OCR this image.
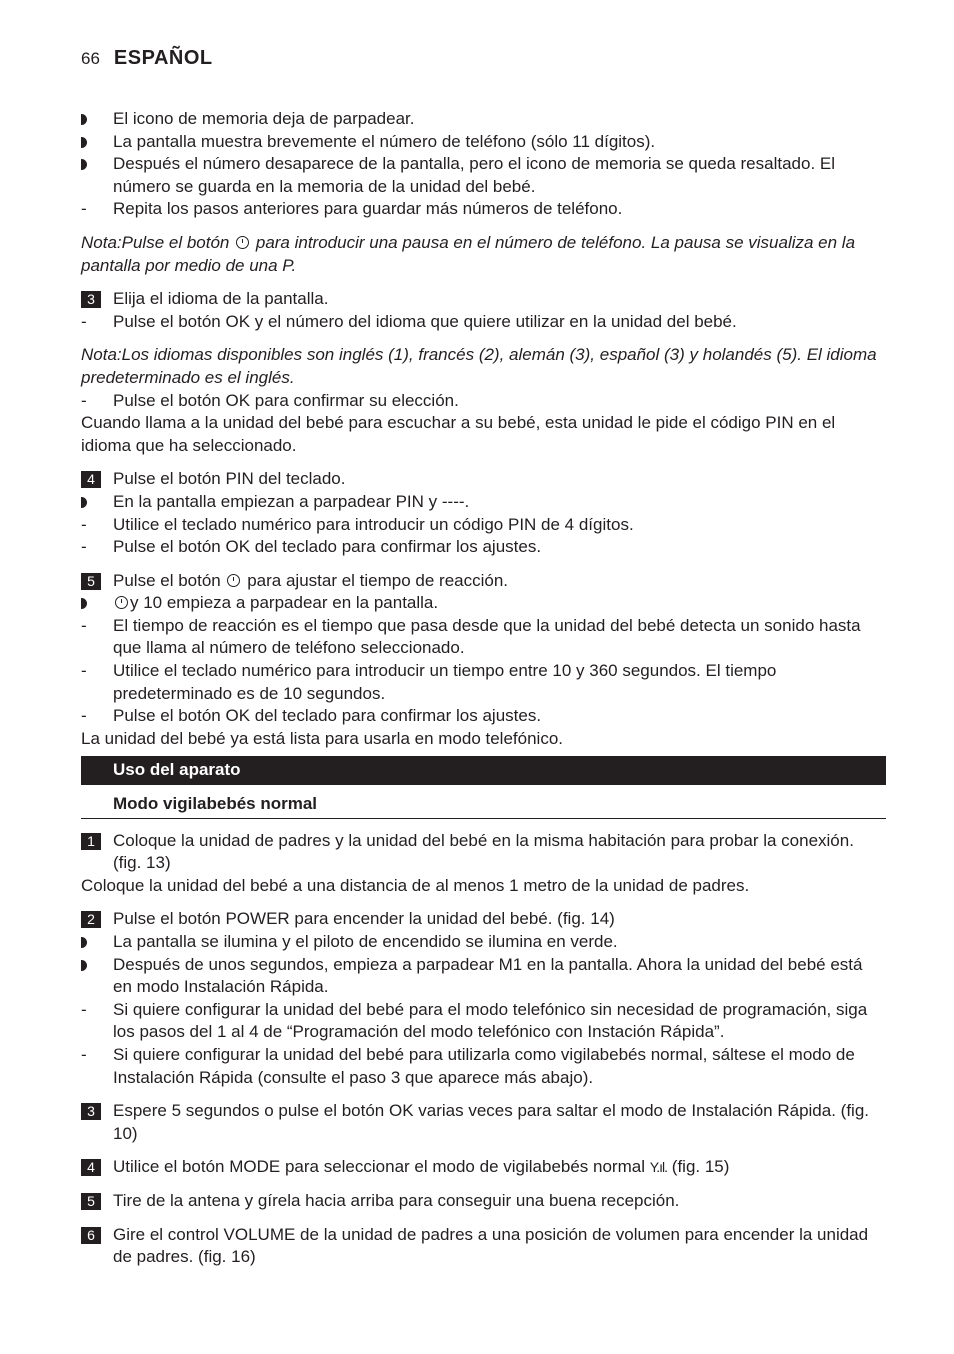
66 ESPAÑOL
El icono de memoria deja de parpadear.
La pantalla muestra brevemente el número de teléfono (sólo 11 dígitos).
Después el número desaparece de la pantalla, pero el icono de memoria se queda resaltado. El número se guarda en la memoria de la unidad del bebé.
-	Repita los pasos anteriores para guardar más números de teléfono.
Nota:Pulse el botón para introducir una pausa en el número de teléfono. La pausa se visualiza en la pantalla por medio de una P.
3	Elija el idioma de la pantalla.
-	Pulse el botón OK y el número del idioma que quiere utilizar en la unidad del bebé.
Nota:Los idiomas disponibles son inglés (1), francés (2), alemán (3), español (3) y holandés (5). El idioma predeterminado es el inglés.
-	Pulse el botón OK para confirmar su elección.
Cuando llama a la unidad del bebé para escuchar a su bebé, esta unidad le pide el código PIN en el idioma que ha seleccionado.
4	Pulse el botón PIN del teclado.
En la pantalla empiezan a parpadear PIN y ----.
-	Utilice el teclado numérico para introducir un código PIN de 4 dígitos.
-	Pulse el botón OK del teclado para confirmar los ajustes.
5	Pulse el botón para ajustar el tiempo de reacción.
y 10 empieza a parpadear en la pantalla.
-	El tiempo de reacción es el tiempo que pasa desde que la unidad del bebé detecta un sonido hasta que llama al número de teléfono seleccionado.
-	Utilice el teclado numérico para introducir un tiempo entre 10 y 360 segundos. El tiempo predeterminado es de 10 segundos.
-	Pulse el botón OK del teclado para confirmar los ajustes.
La unidad del bebé ya está lista para usarla en modo telefónico.
Uso del aparato
Modo vigilabebés normal
1	Coloque la unidad de padres y la unidad del bebé en la misma habitación para probar la conexión. (fig. 13)
Coloque la unidad del bebé a una distancia de al menos 1 metro de la unidad de padres.
2	Pulse el botón POWER para encender la unidad del bebé. (fig. 14)
La pantalla se ilumina y el piloto de encendido se ilumina en verde.
Después de unos segundos, empieza a parpadear M1 en la pantalla. Ahora la unidad del bebé está en modo Instalación Rápida.
-	Si quiere configurar la unidad del bebé para el modo telefónico sin necesidad de programación, siga los pasos del 1 al 4 de “Programación del modo telefónico con Instación Rápida”.
-	Si quiere configurar la unidad del bebé para utilizarla como vigilabebés normal, sáltese el modo de Instalación Rápida (consulte el paso 3 que aparece más abajo).
3	Espere 5 segundos o pulse el botón OK varias veces para saltar el modo de Instalación Rápida. (fig. 10)
4	Utilice el botón MODE para seleccionar el modo de vigilabebés normal Y.ıl. (fig. 15)
5	Tire de la antena y gírela hacia arriba para conseguir una buena recepción.
6	Gire el control VOLUME de la unidad de padres a una posición de volumen para encender la unidad de padres. (fig. 16)
